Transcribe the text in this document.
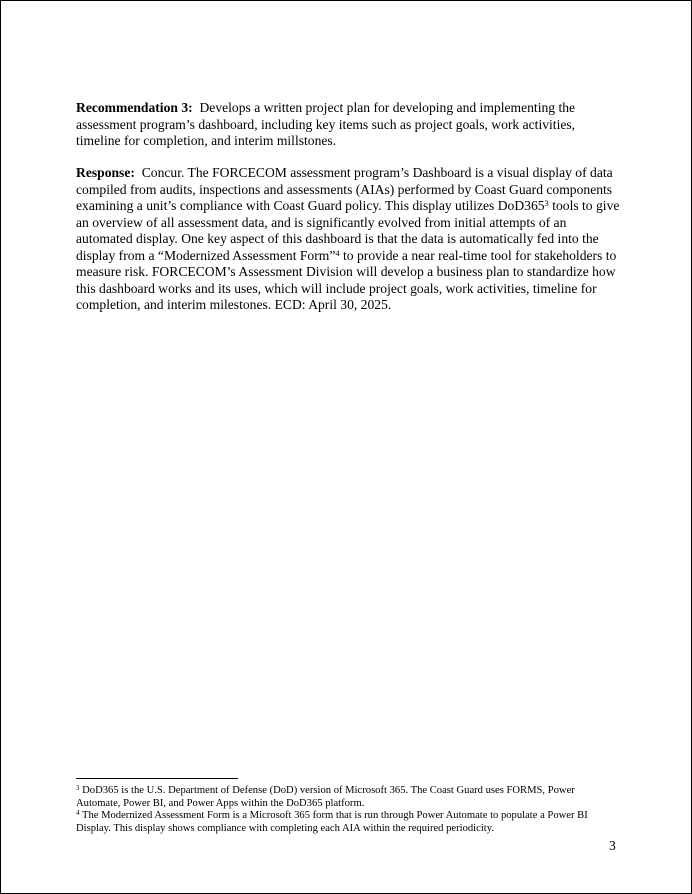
Recommendation 3: Develops a written project plan for developing and implementing the assessment program’s dashboard, including key items such as project goals, work activities, timeline for completion, and interim millstones.

Response: Concur. The FORCECOM assessment program’s Dashboard is a visual display of data compiled from audits, inspections and assessments (AIAs) performed by Coast Guard components examining a unit’s compliance with Coast Guard policy. This display utilizes $DoD365^3$ tools to give an overview of all assessment data, and is significantly evolved from initial attempts of an automated display. One key aspect of this dashboard is that the data is automatically fed into the display from a “Modernized Assessment Form”$^4$ to provide a near real-time tool for stakeholders to measure risk. FORCECOM’s Assessment Division will develop a business plan to standardize how this dashboard works and its uses, which will include project goals, work activities, timeline for completion, and interim milestones. ECD: April 30, 2025.

$^3$ DoD365 is the U.S. Department of Defense (DoD) version of Microsoft 365. The Coast Guard uses FORMS, Power Automate, Power BI, and Power Apps within the DoD365 platform.
$^4$ The Modernized Assessment Form is a Microsoft 365 form that is run through Power Automate to populate a Power BI Display. This display shows compliance with completing each AIA within the required periodicity.
3
